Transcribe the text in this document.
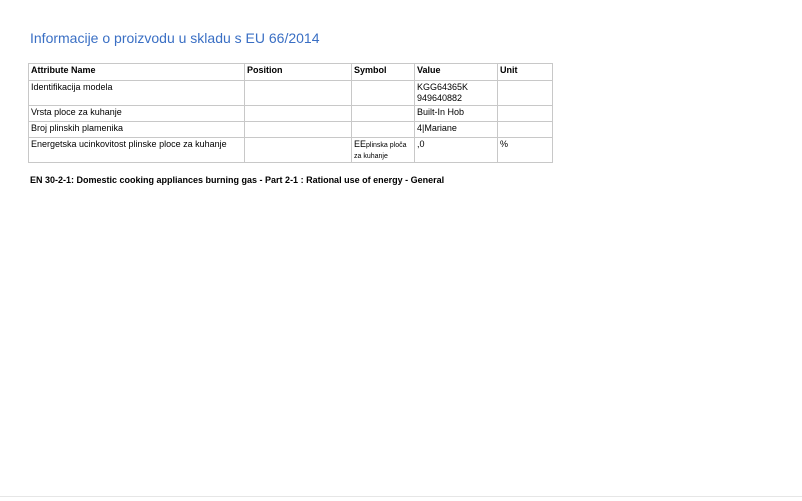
Informacije o proizvodu u skladu s EU 66/2014
Attribute Name	Position	Symbol	Value	Unit
Identifikacija modela			KGG64365K
949640882	

Vrsta ploce za kuhanje			Built-In Hob	
Broj plinskih plamenika			4|Mariane	
Energetska ucinkovitost plinske ploce za kuhanje		EEplinska ploča za kuhanje	,0	%
EN 30-2-1: Domestic cooking appliances burning gas - Part 2-1 : Rational use of energy - General
